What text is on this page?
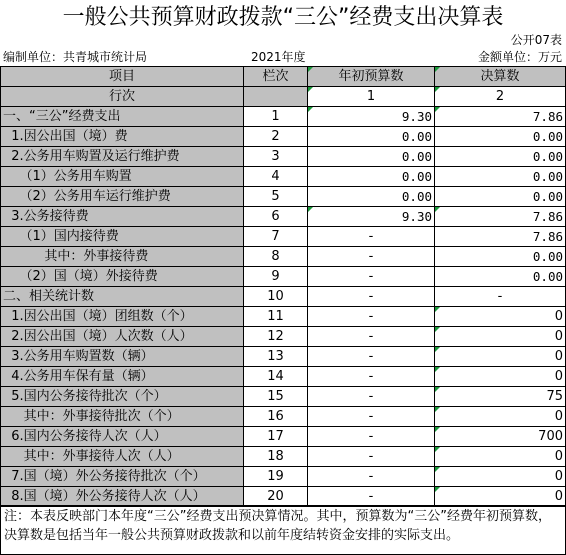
一般公共预算财政拨款“三公”经费支出决算表
公开07表
编制单位：共青城市统计局	2021年度	金额单位：万元
项目	栏次	年初预算数	决算数
行次		1	2
一、“三公”经费支出	1	9.30	7.86
1.因公出国（境）费	2	0.00	0.00
2.公务用车购置及运行维护费	3	0.00	0.00
（1）公务用车购置	4	0.00	0.00
（2）公务用车运行维护费	5	0.00	0.00
3.公务接待费	6	9.30	7.86
（1）国内接待费	7	-	7.86
其中：外事接待费	8	-	0.00
（2）国（境）外接待费	9	-	0.00
二、相关统计数	10	-	-
1.因公出国（境）团组数（个）	11	-	0
2.因公出国（境）人次数（人）	12	-	0
3.公务用车购置数（辆）	13	-	0
4.公务用车保有量（辆）	14	-	0
5.国内公务接待批次（个）	15	-	75
其中：外事接待批次（个）	16	-	0
6.国内公务接待人次（人）	17	-	700
其中：外事接待人次（人）	18	-	0
7.国（境）外公务接待批次（个）	19	-	0
8.国（境）外公务接待人次（人）	20	-	0
注：本表反映部门本年度“三公”经费支出预决算情况。其中，预算数为“三公”经费年初预算数，决算数是包括当年一般公共预算财政拨款和以前年度结转资金安排的实际支出。
